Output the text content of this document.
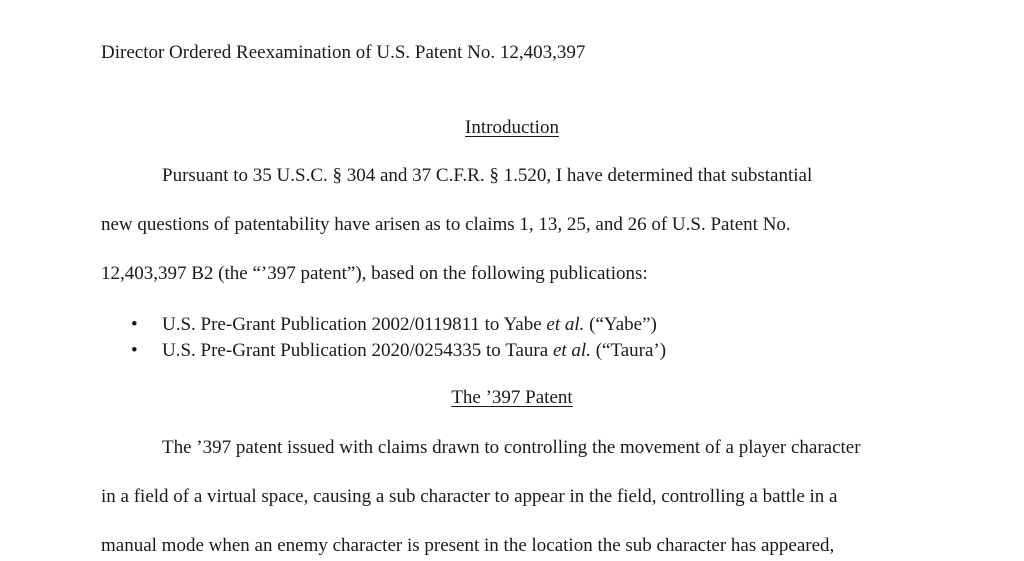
Director Ordered Reexamination of U.S. Patent No. 12,403,397
Introduction
Pursuant to 35 U.S.C. § 304 and 37 C.F.R. § 1.520, I have determined that substantial
new questions of patentability have arisen as to claims 1, 13, 25, and 26 of U.S. Patent No.
12,403,397 B2 (the “’397 patent”), based on the following publications:
• U.S. Pre-Grant Publication 2002/0119811 to Yabe et al. (“Yabe”)
• U.S. Pre-Grant Publication 2020/0254335 to Taura et al. (“Taura’)
The ’397 Patent
The ’397 patent issued with claims drawn to controlling the movement of a player character
in a field of a virtual space, causing a sub character to appear in the field, controlling a battle in a
manual mode when an enemy character is present in the location the sub character has appeared,
